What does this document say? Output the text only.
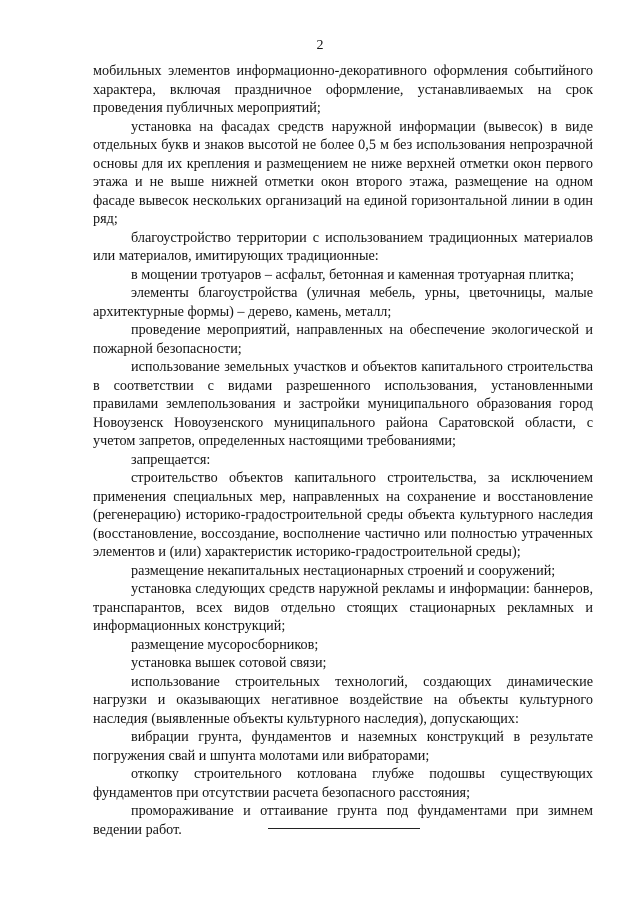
2

мобильных элементов информационно-декоративного оформления событийного характера, включая праздничное оформление, устанавливаемых на срок проведения публичных мероприятий;

установка на фасадах средств наружной информации (вывесок) в виде отдельных букв и знаков высотой не более 0,5 м без использования непрозрачной основы для их крепления и размещением не ниже верхней отметки окон первого этажа и не выше нижней отметки окон второго этажа, размещение на одном фасаде вывесок нескольких организаций на единой горизонтальной линии в один ряд;

благоустройство территории с использованием традиционных материалов или материалов, имитирующих традиционные:

в мощении тротуаров – асфальт, бетонная и каменная тротуарная плитка;

элементы благоустройства (уличная мебель, урны, цветочницы, малые архитектурные формы) – дерево, камень, металл;

проведение мероприятий, направленных на обеспечение экологической и пожарной безопасности;

использование земельных участков и объектов капитального строительства в соответствии с видами разрешенного использования, установленными правилами землепользования и застройки муниципального образования город Новоузенск Новоузенского муниципального района Саратовской области, с учетом запретов, определенных настоящими требованиями;

запрещается:

строительство объектов капитального строительства, за исключением применения специальных мер, направленных на сохранение и восстановление (регенерацию) историко-градостроительной среды объекта культурного наследия (восстановление, воссоздание, восполнение частично или полностью утраченных элементов и (или) характеристик историко-градостроительной среды);

размещение некапитальных нестационарных строений и сооружений;

установка следующих средств наружной рекламы и информации: баннеров, транспарантов, всех видов отдельно стоящих стационарных рекламных и информационных конструкций;

размещение мусоросборников;

установка вышек сотовой связи;

использование строительных технологий, создающих динамические нагрузки и оказывающих негативное воздействие на объекты культурного наследия (выявленные объекты культурного наследия), допускающих:

вибрации грунта, фундаментов и наземных конструкций в результате погружения свай и шпунта молотами или вибраторами;

откопку строительного котлована глубже подошвы существующих фундаментов при отсутствии расчета безопасного расстояния;

промораживание и оттаивание грунта под фундаментами при зимнем ведении работ.
